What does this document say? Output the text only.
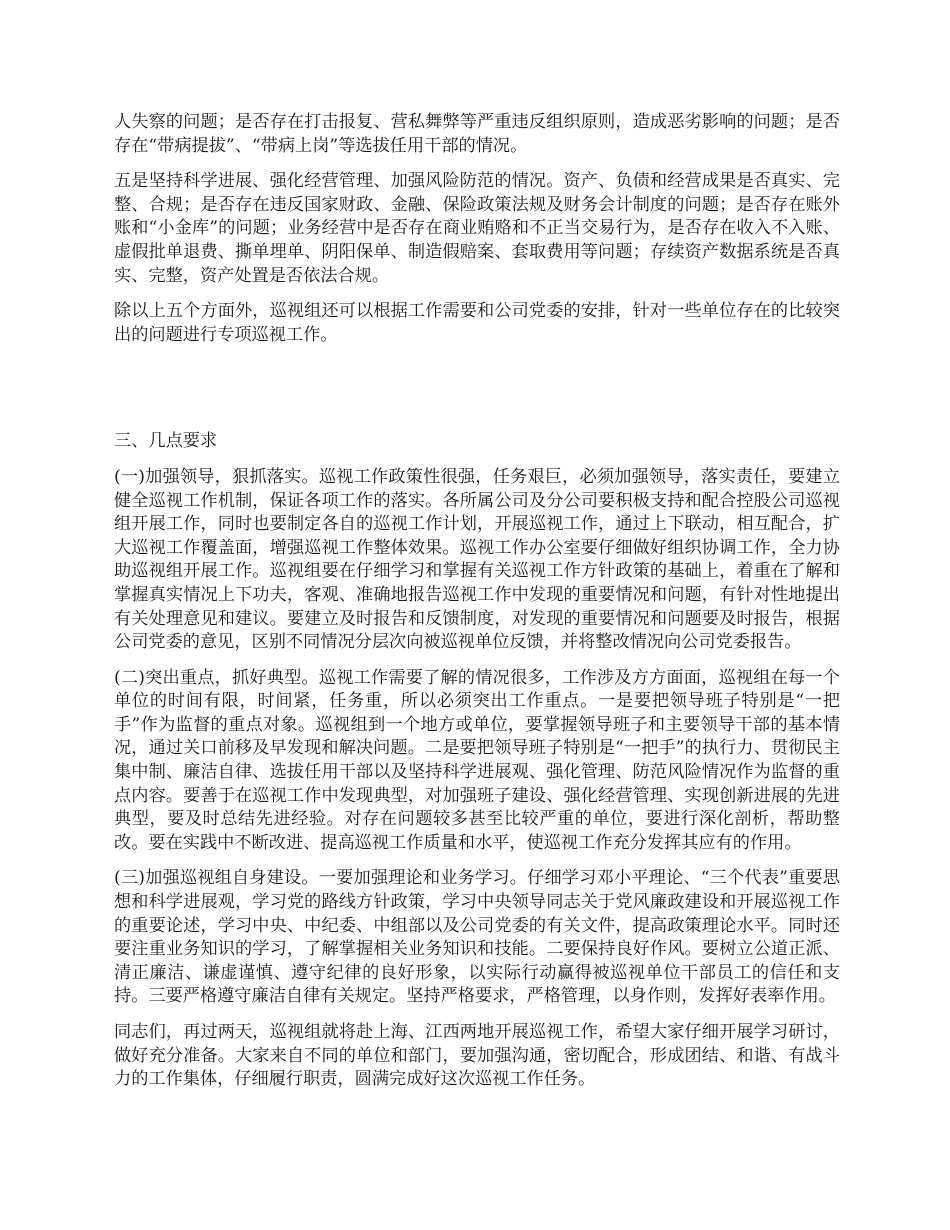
人失察的问题；是否存在打击报复、营私舞弊等严重违反组织原则，造成恶劣影响的问题；是否存在“带病提拔”、“带病上岗”等选拔任用干部的情况。

五是坚持科学进展、强化经营管理、加强风险防范的情况。资产、负债和经营成果是否真实、完整、合规；是否存在违反国家财政、金融、保险政策法规及财务会计制度的问题；是否存在账外账和“小金库”的问题；业务经营中是否存在商业贿赂和不正当交易行为，是否存在收入不入账、虚假批单退费、撕单埋单、阴阳保单、制造假赔案、套取费用等问题；存续资产数据系统是否真实、完整，资产处置是否依法合规。

除以上五个方面外，巡视组还可以根据工作需要和公司党委的安排，针对一些单位存在的比较突出的问题进行专项巡视工作。

三、几点要求

(一)加强领导，狠抓落实。巡视工作政策性很强，任务艰巨，必须加强领导，落实责任，要建立健全巡视工作机制，保证各项工作的落实。各所属公司及分公司要积极支持和配合控股公司巡视组开展工作，同时也要制定各自的巡视工作计划，开展巡视工作，通过上下联动，相互配合，扩大巡视工作覆盖面，增强巡视工作整体效果。巡视工作办公室要仔细做好组织协调工作，全力协助巡视组开展工作。巡视组要在仔细学习和掌握有关巡视工作方针政策的基础上，着重在了解和掌握真实情况上下功夫，客观、准确地报告巡视工作中发现的重要情况和问题，有针对性地提出有关处理意见和建议。要建立及时报告和反馈制度，对发现的重要情况和问题要及时报告，根据公司党委的意见，区别不同情况分层次向被巡视单位反馈，并将整改情况向公司党委报告。

(二)突出重点，抓好典型。巡视工作需要了解的情况很多，工作涉及方方面面，巡视组在每一个单位的时间有限，时间紧，任务重，所以必须突出工作重点。一是要把领导班子特别是“一把手”作为监督的重点对象。巡视组到一个地方或单位，要掌握领导班子和主要领导干部的基本情况，通过关口前移及早发现和解决问题。二是要把领导班子特别是“一把手”的执行力、贯彻民主集中制、廉洁自律、选拔任用干部以及坚持科学进展观、强化管理、防范风险情况作为监督的重点内容。要善于在巡视工作中发现典型，对加强班子建设、强化经营管理、实现创新进展的先进典型，要及时总结先进经验。对存在问题较多甚至比较严重的单位，要进行深化剖析，帮助整改。要在实践中不断改进、提高巡视工作质量和水平，使巡视工作充分发挥其应有的作用。

(三)加强巡视组自身建设。一要加强理论和业务学习。仔细学习邓小平理论、“三个代表”重要思想和科学进展观，学习党的路线方针政策，学习中央领导同志关于党风廉政建设和开展巡视工作的重要论述，学习中央、中纪委、中组部以及公司党委的有关文件，提高政策理论水平。同时还要注重业务知识的学习，了解掌握相关业务知识和技能。二要保持良好作风。要树立公道正派、清正廉洁、谦虚谨慎、遵守纪律的良好形象，以实际行动赢得被巡视单位干部员工的信任和支持。三要严格遵守廉洁自律有关规定。坚持严格要求，严格管理，以身作则，发挥好表率作用。

同志们，再过两天，巡视组就将赴上海、江西两地开展巡视工作，希望大家仔细开展学习研讨，做好充分准备。大家来自不同的单位和部门，要加强沟通，密切配合，形成团结、和谐、有战斗力的工作集体，仔细履行职责，圆满完成好这次巡视工作任务。
